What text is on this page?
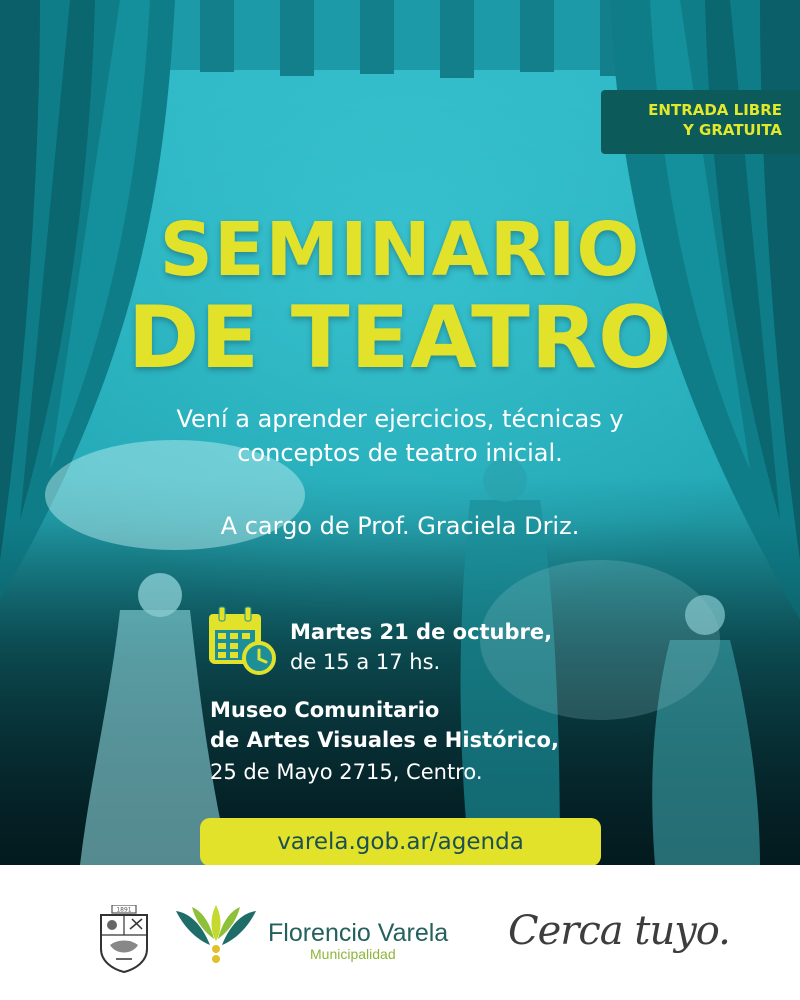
ENTRADA LIBRE
Y GRATUITA
SEMINARIO
DE TEATRO
Vení a aprender ejercicios, técnicas y
conceptos de teatro inicial.
A cargo de Prof. Graciela Driz.
Martes 21 de octubre,
de 15 a 17 hs.
Museo Comunitario
de Artes Visuales e Histórico,
25 de Mayo 2715, Centro.
varela.gob.ar/agenda
1891
Florencio Varela
Municipalidad	Cerca tuyo.
